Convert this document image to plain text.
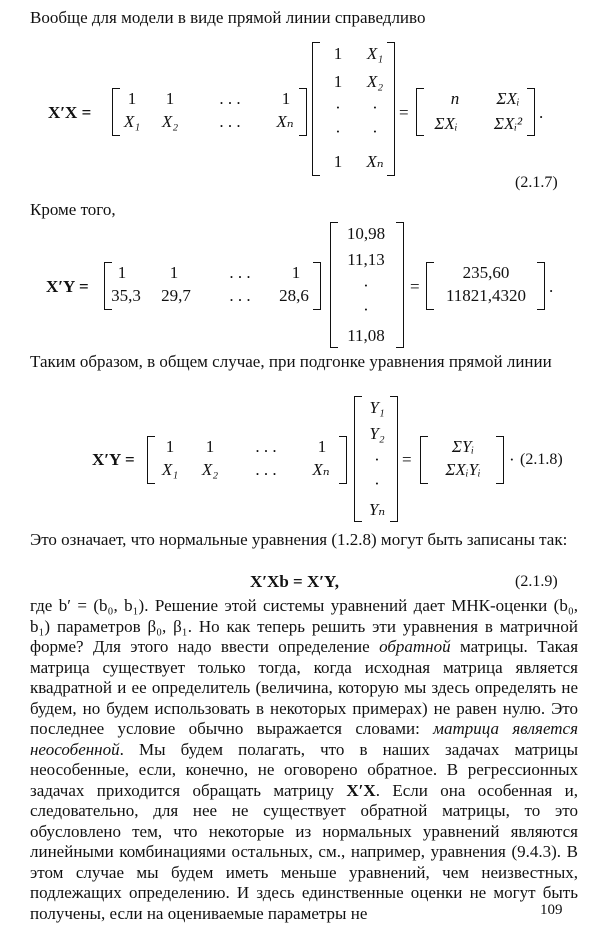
Вообще для модели в виде прямой линии справедливо

X′X =
1	1	. . .	1
X₁	X₂	. . .	Xₙ
1
1
·
·
1
X₁
X₂
·
·
Xₙ
=
n	ΣXᵢ
ΣXᵢ	ΣXᵢ²
.
(2.1.7)

Кроме того,

X′Y =
1	1	. . .	1
35,3	29,7	. . .	28,6
10,98
11,13
·
·
11,08
=
235,60
11821,4320	.

Таким образом, в общем случае, при подгонке уравнения прямой линии

X′Y =
1	1	. . .	1
X₁	X₂	. . .	Xₙ
Y₁
Y₂
·
·
Yₙ
=
ΣYᵢ
ΣXᵢYᵢ
· (2.1.8)

Это означает, что нормальные уравнения (1.2.8) могут быть записаны так:

X′Xb = X′Y,	(2.1.9)

где b′ = (b₀, b₁). Решение этой системы уравнений дает МНК-оценки (b₀, b₁) параметров β₀, β₁. Но как теперь решить эти уравнения в матричной форме? Для этого надо ввести определение обратной матрицы. Такая матрица существует только тогда, когда исходная матрица является квадратной и ее определитель (величина, которую мы здесь определять не будем, но будем использовать в некоторых примерах) не равен нулю. Это последнее условие обычно выражается словами: матрица является неособенной. Мы будем полагать, что в наших задачах матрицы неособенные, если, конечно, не оговорено обратное. В регрессионных задачах приходится обращать матрицу X′X. Если она особенная и, следовательно, для нее не существует обратной матрицы, то это обусловлено тем, что некоторые из нормальных уравнений являются линейными комбинациями остальных, см., например, уравнения (9.4.3). В этом случае мы будем иметь меньше уравнений, чем неизвестных, подлежащих определению. И здесь единственные оценки не могут быть получены, если на оцениваемые параметры не	109
